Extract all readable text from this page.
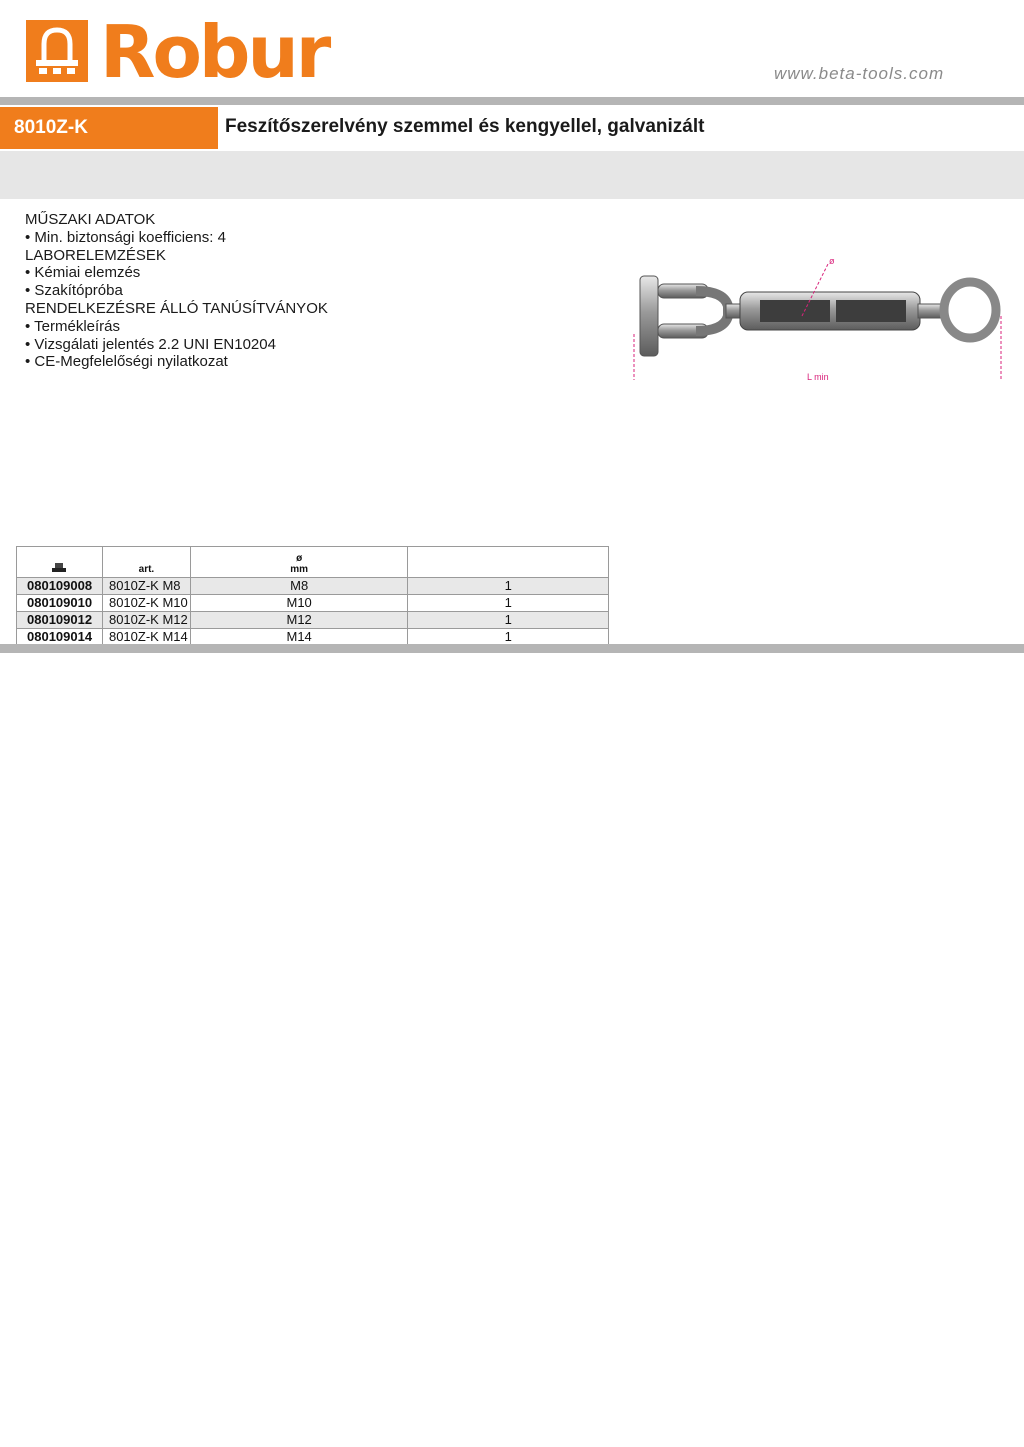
Robur	www.beta-tools.com
8010Z-K	Feszítőszerelvény szemmel és kengyellel, galvanizált
MŰSZAKI ADATOK
• Min. biztonsági koefficiens: 4
LABORELEMZÉSEK
• Kémiai elemzés
• Szakítópróba
RENDELKEZÉSRE ÁLLÓ TANÚSÍTVÁNYOK
• Termékleírás
• Vizsgálati jelentés 2.2 UNI EN10204
• CE-Megfelelőségi nyilatkozat
ø
L min
	art.	ø
mm	
080109008	8010Z-K M8	M8	1
080109010	8010Z-K M10	M10	1
080109012	8010Z-K M12	M12	1
080109014	8010Z-K M14	M14	1
